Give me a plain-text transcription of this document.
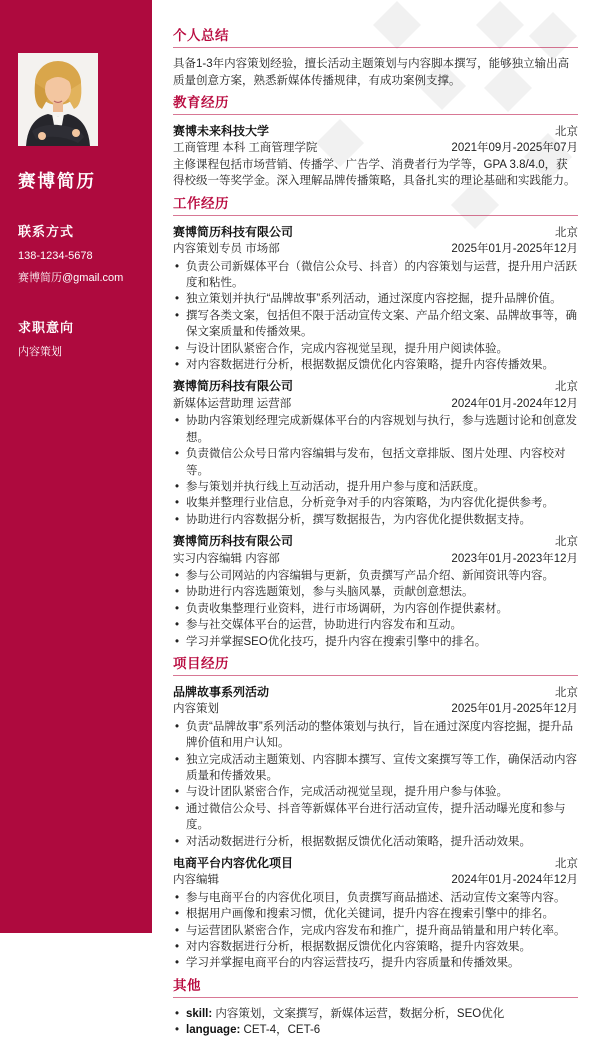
赛博简历
联系方式
138-1234-5678
赛博简历@gmail.com
求职意向
内容策划
个人总结

具备1-3年内容策划经验，擅长活动主题策划与内容脚本撰写，能够独立输出高质量创意方案，熟悉新媒体传播规律，有成功案例支撑。

教育经历
赛博未来科技大学	北京
工商管理 本科 工商管理学院	2021年09月-2025年07月

主修课程包括市场营销、传播学、广告学、消费者行为学等，GPA 3.8/4.0，获得校级一等奖学金。深入理解品牌传播策略，具备扎实的理论基础和实践能力。

工作经历
赛博简历科技有限公司	北京
内容策划专员 市场部	2025年01月-2025年12月
• 负责公司新媒体平台（微信公众号、抖音）的内容策划与运营，提升用户活跃度和粘性。
• 独立策划并执行“品牌故事”系列活动，通过深度内容挖掘，提升品牌价值。
• 撰写各类文案，包括但不限于活动宣传文案、产品介绍文案、品牌故事等，确保文案质量和传播效果。
• 与设计团队紧密合作，完成内容视觉呈现，提升用户阅读体验。
• 对内容数据进行分析，根据数据反馈优化内容策略，提升内容传播效果。
赛博简历科技有限公司	北京
新媒体运营助理 运营部	2024年01月-2024年12月
• 协助内容策划经理完成新媒体平台的内容规划与执行，参与选题讨论和创意发想。
• 负责微信公众号日常内容编辑与发布，包括文章排版、图片处理、内容校对等。
• 参与策划并执行线上互动活动，提升用户参与度和活跃度。
• 收集并整理行业信息，分析竞争对手的内容策略，为内容优化提供参考。
• 协助进行内容数据分析，撰写数据报告，为内容优化提供数据支持。
赛博简历科技有限公司	北京
实习内容编辑 内容部	2023年01月-2023年12月
• 参与公司网站的内容编辑与更新，负责撰写产品介绍、新闻资讯等内容。
• 协助进行内容选题策划，参与头脑风暴，贡献创意想法。
• 负责收集整理行业资料，进行市场调研，为内容创作提供素材。
• 参与社交媒体平台的运营，协助进行内容发布和互动。
• 学习并掌握SEO优化技巧，提升内容在搜索引擎中的排名。
项目经历
品牌故事系列活动	北京
内容策划	2025年01月-2025年12月
• 负责“品牌故事”系列活动的整体策划与执行，旨在通过深度内容挖掘，提升品牌价值和用户认知。
• 独立完成活动主题策划、内容脚本撰写、宣传文案撰写等工作，确保活动内容质量和传播效果。
• 与设计团队紧密合作，完成活动视觉呈现，提升用户参与体验。
• 通过微信公众号、抖音等新媒体平台进行活动宣传，提升活动曝光度和参与度。
• 对活动数据进行分析，根据数据反馈优化活动策略，提升活动效果。
电商平台内容优化项目	北京
内容编辑	2024年01月-2024年12月
• 参与电商平台的内容优化项目，负责撰写商品描述、活动宣传文案等内容。
• 根据用户画像和搜索习惯，优化关键词，提升内容在搜索引擎中的排名。
• 与运营团队紧密合作，完成内容发布和推广，提升商品销量和用户转化率。
• 对内容数据进行分析，根据数据反馈优化内容策略，提升内容效果。
• 学习并掌握电商平台的内容运营技巧，提升内容质量和传播效果。
其他
• skill: 内容策划，文案撰写，新媒体运营，数据分析，SEO优化
• language: CET-4，CET-6
